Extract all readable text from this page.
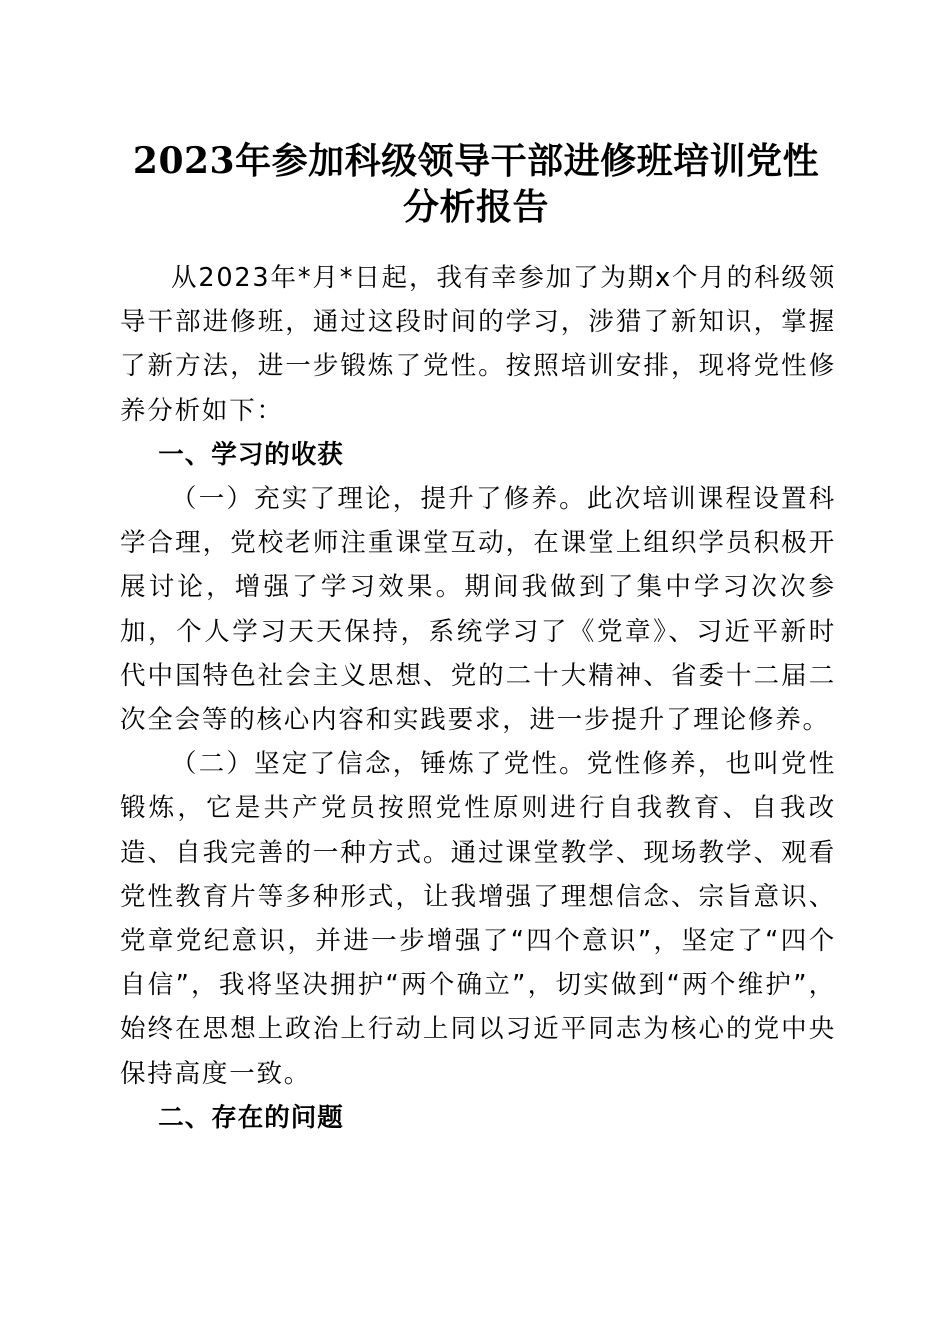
2023年参加科级领导干部进修班培训党性分析报告

从2023年*月*日起，我有幸参加了为期x个月的科级领导干部进修班，通过这段时间的学习，涉猎了新知识，掌握了新方法，进一步锻炼了党性。按照培训安排，现将党性修养分析如下：

一、学习的收获

（一）充实了理论，提升了修养。此次培训课程设置科学合理，党校老师注重课堂互动，在课堂上组织学员积极开展讨论，增强了学习效果。期间我做到了集中学习次次参加，个人学习天天保持，系统学习了《党章》、习近平新时代中国特色社会主义思想、党的二十大精神、省委十二届二次全会等的核心内容和实践要求，进一步提升了理论修养。

（二）坚定了信念，锤炼了党性。党性修养，也叫党性锻炼，它是共产党员按照党性原则进行自我教育、自我改造、自我完善的一种方式。通过课堂教学、现场教学、观看党性教育片等多种形式，让我增强了理想信念、宗旨意识、党章党纪意识，并进一步增强了“四个意识”，坚定了“四个自信”，我将坚决拥护“两个确立”，切实做到“两个维护”，始终在思想上政治上行动上同以习近平同志为核心的党中央保持高度一致。

二、存在的问题
